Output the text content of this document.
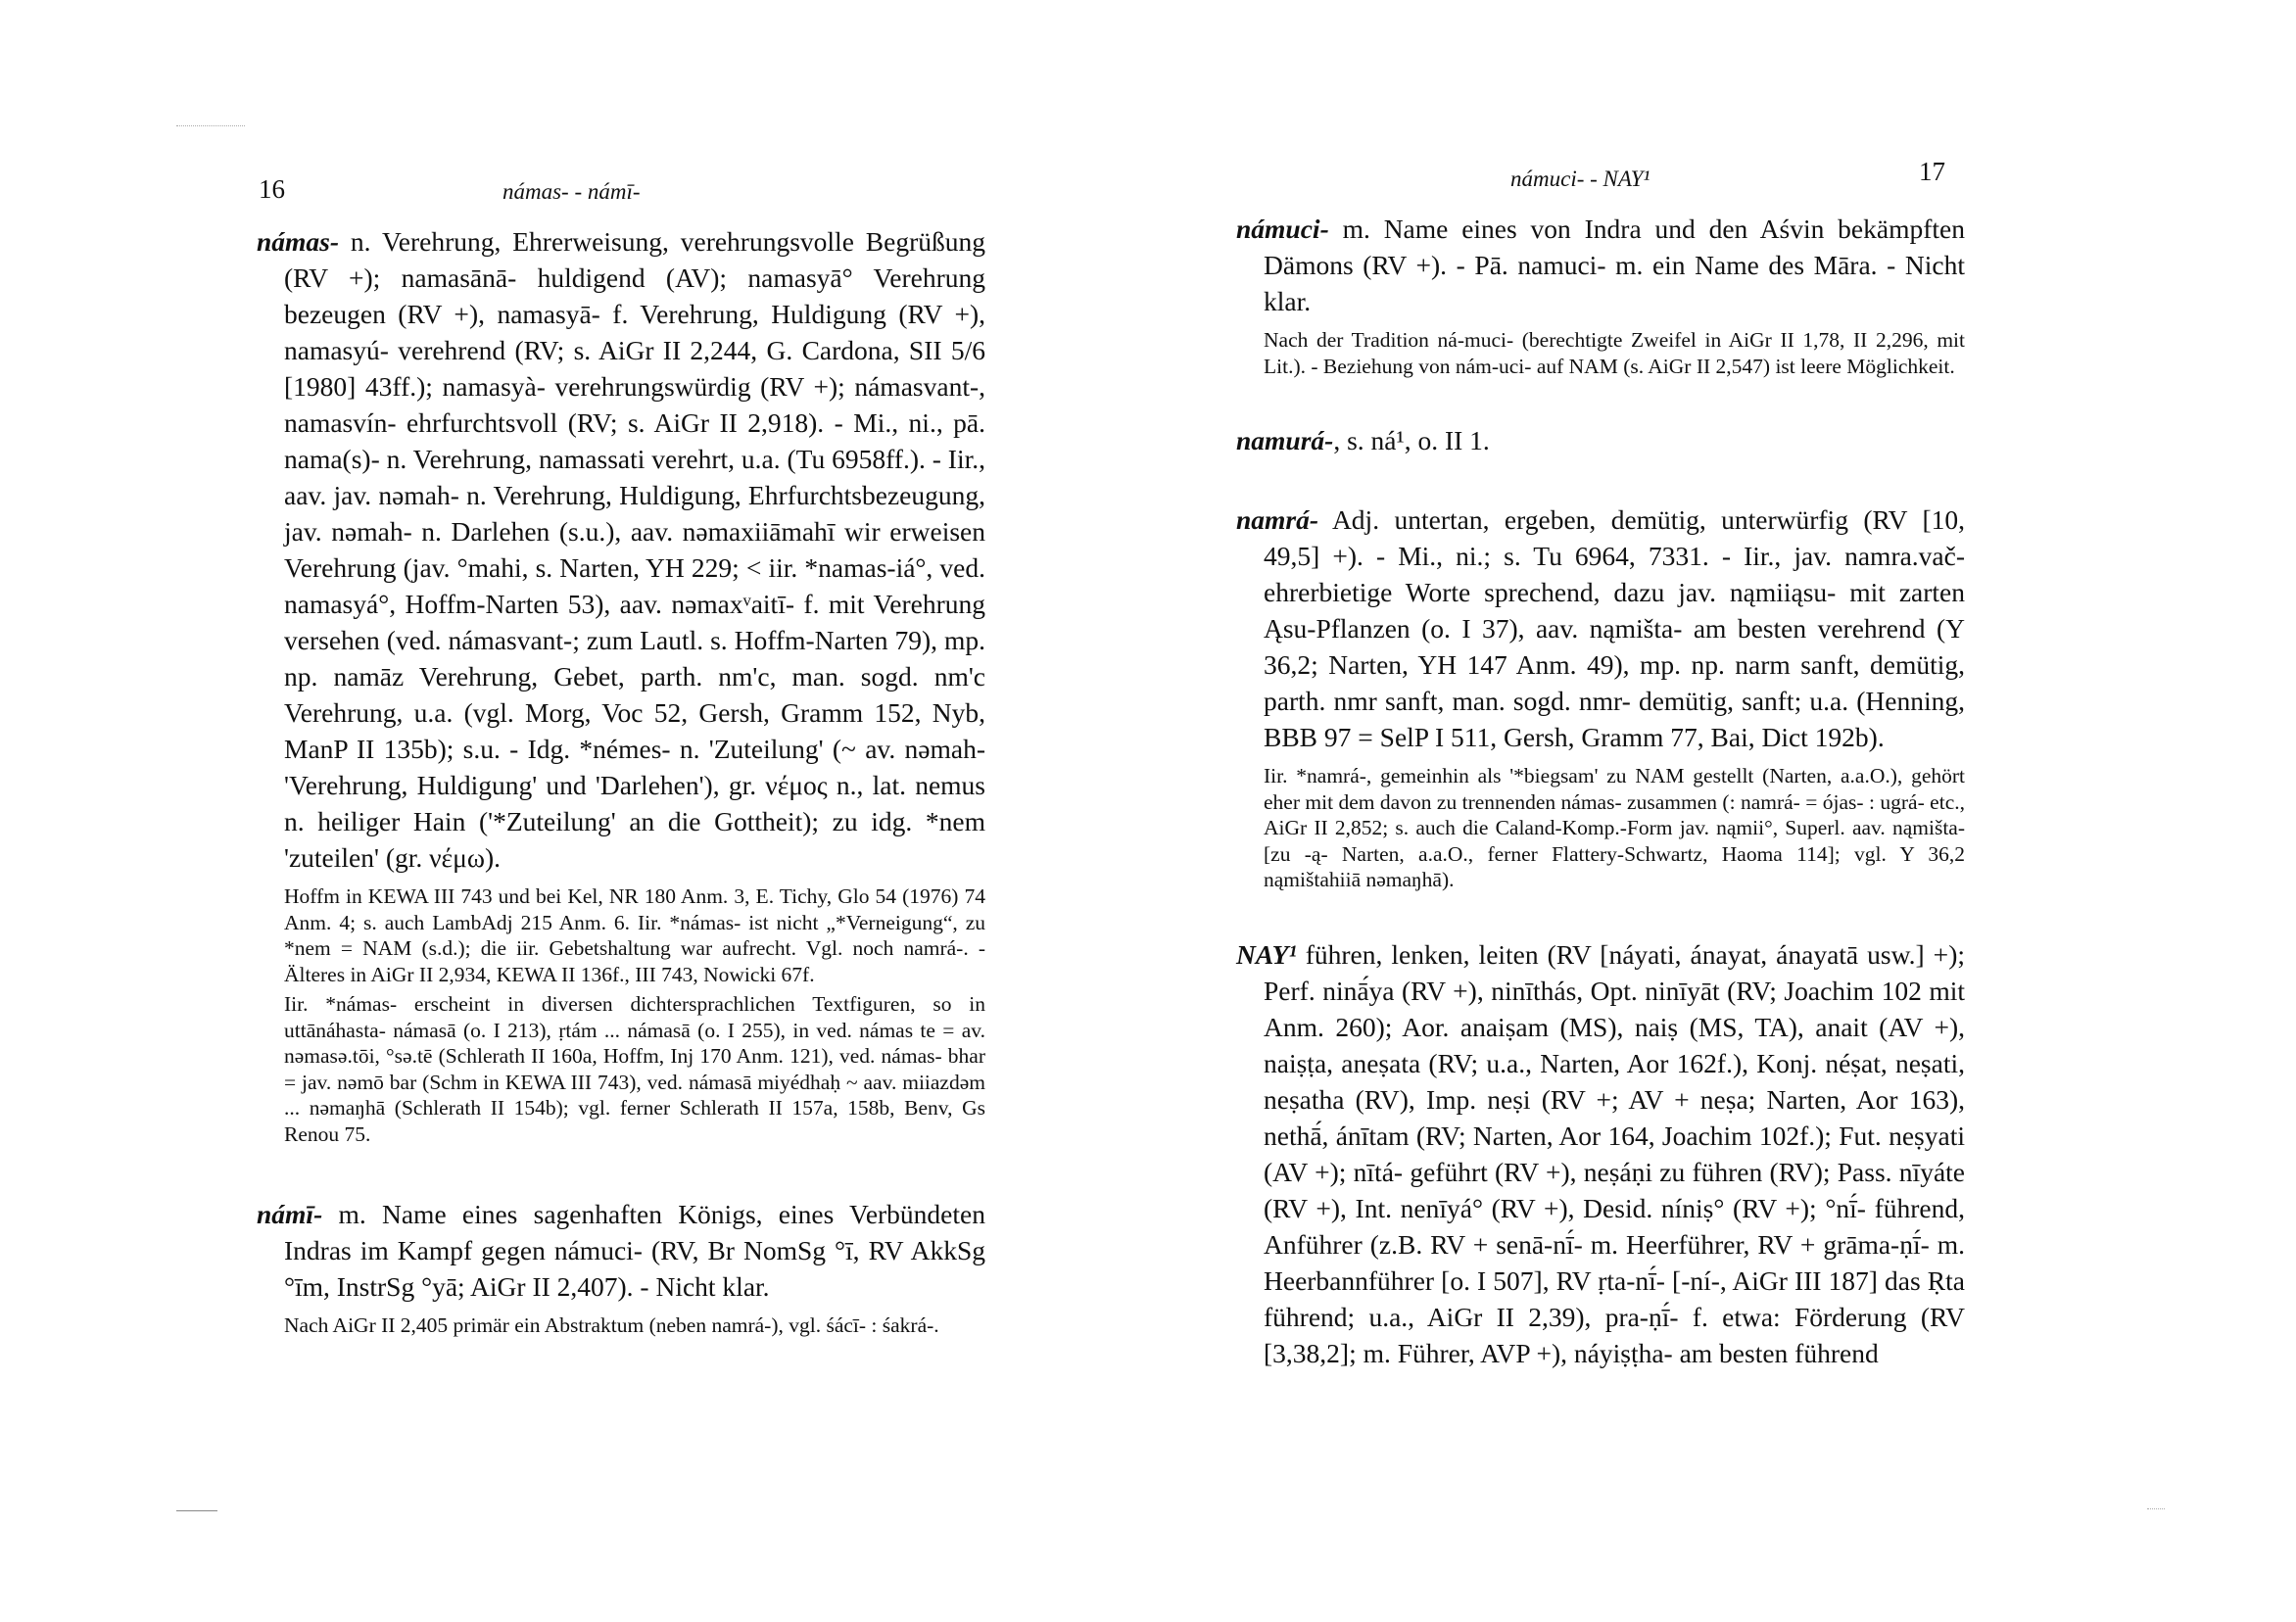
16	námas- - námī-

námas- n. Verehrung, Ehrerweisung, verehrungsvolle Begrüßung (RV +); namasānā- huldigend (AV); namasyā° Verehrung bezeugen (RV +), namasyā- f. Verehrung, Huldigung (RV +), namasyú- verehrend (RV; s. AiGr II 2,244, G. Cardona, SII 5/6 [1980] 43ff.); namasyà- verehrungswürdig (RV +); námasvant-, namasvín- ehrfurchtsvoll (RV; s. AiGr II 2,918). - Mi., ni., pā. nama(s)- n. Verehrung, namassati verehrt, u.a. (Tu 6958ff.). - Iir., aav. jav. nəmah- n. Verehrung, Huldigung, Ehrfurchtsbezeugung, jav. nəmah- n. Darlehen (s.u.), aav. nəmaxiiāmahī wir erweisen Verehrung (jav. °mahi, s. Narten, YH 229; < iir. *namas-iá°, ved. namasyá°, Hoffm-Narten 53), aav. nəmaxᵛaitī- f. mit Verehrung versehen (ved. námasvant-; zum Lautl. s. Hoffm-Narten 79), mp. np. namāz Verehrung, Gebet, parth. nm'c, man. sogd. nm'c Verehrung, u.a. (vgl. Morg, Voc 52, Gersh, Gramm 152, Nyb, ManP II 135b); s.u. - Idg. *némes- n. 'Zuteilung' (~ av. nəmah- 'Verehrung, Huldigung' und 'Darlehen'), gr. νέμος n., lat. nemus n. heiliger Hain ('*Zuteilung' an die Gottheit); zu idg. *nem 'zuteilen' (gr. νέμω).

Hoffm in KEWA III 743 und bei Kel, NR 180 Anm. 3, E. Tichy, Glo 54 (1976) 74 Anm. 4; s. auch LambAdj 215 Anm. 6. Iir. *námas- ist nicht „*Verneigung“, zu *nem = NAM (s.d.); die iir. Gebetshaltung war aufrecht. Vgl. noch namrá-. - Älteres in AiGr II 2,934, KEWA II 136f., III 743, Nowicki 67f.
Iir. *námas- erscheint in diversen dichtersprachlichen Textfiguren, so in uttānáhasta- námasā (o. I 213), ṛtám ... námasā (o. I 255), in ved. námas te = av. nəmasə.tōi, °sə.tē (Schlerath II 160a, Hoffm, Inj 170 Anm. 121), ved. námas- bhar = jav. nəmō bar (Schm in KEWA III 743), ved. námasā miyédhaḥ ~ aav. miiazdəm ... nəmaŋhā (Schlerath II 154b); vgl. ferner Schlerath II 157a, 158b, Benv, Gs Renou 75.

námī- m. Name eines sagenhaften Königs, eines Verbündeten Indras im Kampf gegen námuci- (RV, Br NomSg °ī, RV AkkSg °īm, InstrSg °yā; AiGr II 2,407). - Nicht klar.

Nach AiGr II 2,405 primär ein Abstraktum (neben namrá-), vgl. śácī- : śakrá-.
námuci- - NAY¹	17

námuci- m. Name eines von Indra und den Aśvin bekämpften Dämons (RV +). - Pā. namuci- m. ein Name des Māra. - Nicht klar.

Nach der Tradition ná-muci- (berechtigte Zweifel in AiGr II 1,78, II 2,296, mit Lit.). - Beziehung von nám-uci- auf NAM (s. AiGr II 2,547) ist leere Möglichkeit.

namurá-, s. ná¹, o. II 1.

namrá- Adj. untertan, ergeben, demütig, unterwürfig (RV [10, 49,5] +). - Mi., ni.; s. Tu 6964, 7331. - Iir., jav. namra.vač- ehrerbietige Worte sprechend, dazu jav. nąmiiąsu- mit zarten Ąsu-Pflanzen (o. I 37), aav. nąmišta- am besten verehrend (Y 36,2; Narten, YH 147 Anm. 49), mp. np. narm sanft, demütig, parth. nmr sanft, man. sogd. nmr- demütig, sanft; u.a. (Henning, BBB 97 = SelP I 511, Gersh, Gramm 77, Bai, Dict 192b).

Iir. *namrá-, gemeinhin als '*biegsam' zu NAM gestellt (Narten, a.a.O.), gehört eher mit dem davon zu trennenden námas- zusammen (: namrá- = ójas- : ugrá- etc., AiGr II 2,852; s. auch die Caland-Komp.-Form jav. nąmii°, Superl. aav. nąmišta- [zu -ą- Narten, a.a.O., ferner Flattery-Schwartz, Haoma 114]; vgl. Y 36,2 nąmištahiiā nəmaŋhā).

NAY¹ führen, lenken, leiten (RV [náyati, ánayat, ánayatā usw.] +); Perf. ninā́ya (RV +), ninīthás, Opt. ninīyāt (RV; Joachim 102 mit Anm. 260); Aor. anaiṣam (MS), naiṣ (MS, TA), anait (AV +), naiṣṭa, aneṣata (RV; u.a., Narten, Aor 162f.), Konj. néṣat, neṣati, neṣatha (RV), Imp. neṣi (RV +; AV + neṣa; Narten, Aor 163), nethā́, ánītam (RV; Narten, Aor 164, Joachim 102f.); Fut. neṣyati (AV +); nītá- geführt (RV +), neṣáṇi zu führen (RV); Pass. nīyáte (RV +), Int. nenīyá° (RV +), Desid. níniṣ° (RV +); °nī́- führend, Anführer (z.B. RV + senā-nī́- m. Heerführer, RV + grāma-ṇī́- m. Heerbannführer [o. I 507], RV ṛta-nī́- [-ní-, AiGr III 187] das Ṛta führend; u.a., AiGr II 2,39), pra-ṇī́- f. etwa: Förderung (RV [3,38,2]; m. Führer, AVP +), náyiṣṭha- am besten führend
